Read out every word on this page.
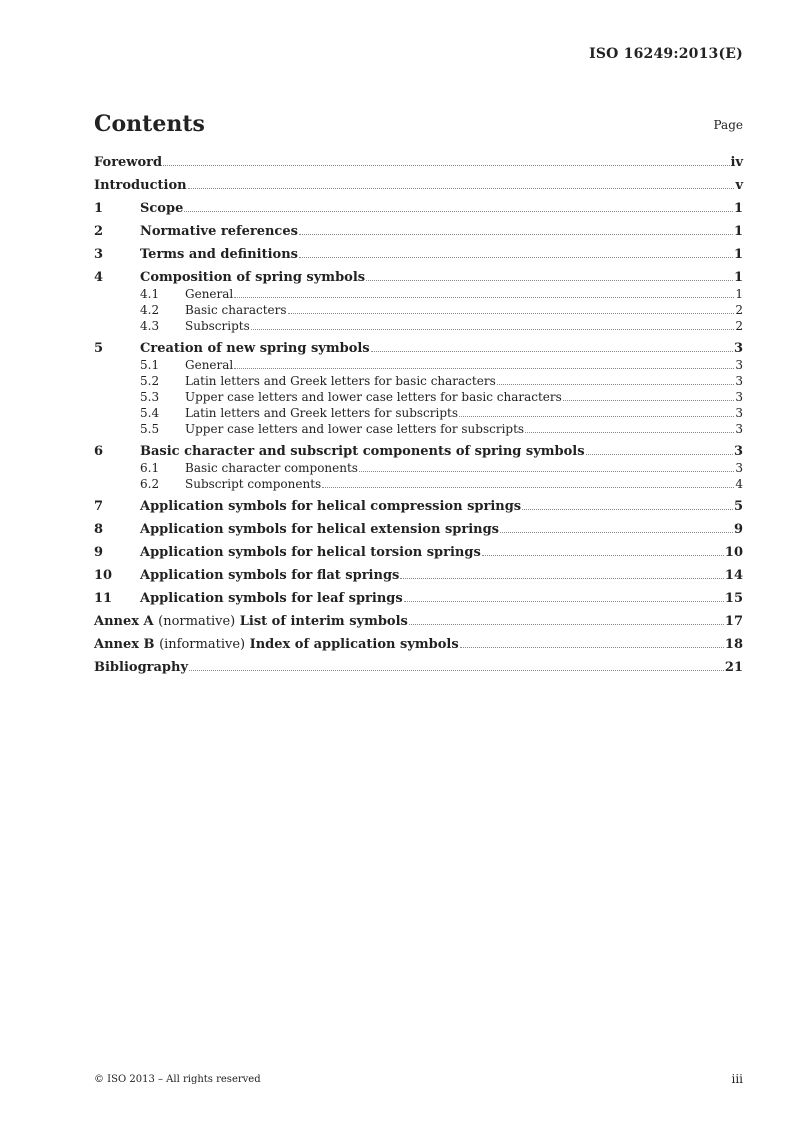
ISO 16249:2013(E)
Contents	Page
Foreword	iv
Introduction	v
1	Scope	1
2	Normative references	1
3	Terms and definitions	1
4	Composition of spring symbols	1
4.1	General	1
4.2	Basic characters	2
4.3	Subscripts	2
5	Creation of new spring symbols	3
5.1	General	3
5.2	Latin letters and Greek letters for basic characters	3
5.3	Upper case letters and lower case letters for basic characters	3
5.4	Latin letters and Greek letters for subscripts	3
5.5	Upper case letters and lower case letters for subscripts	3
6	Basic character and subscript components of spring symbols	3
6.1	Basic character components	3
6.2	Subscript components	4
7	Application symbols for helical compression springs	5
8	Application symbols for helical extension springs	9
9	Application symbols for helical torsion springs	10
10	Application symbols for flat springs	14
11	Application symbols for leaf springs	15
Annex A (normative) List of interim symbols	17
Annex B (informative) Index of application symbols	18
Bibliography	21
© ISO 2013 – All rights reserved	iii
